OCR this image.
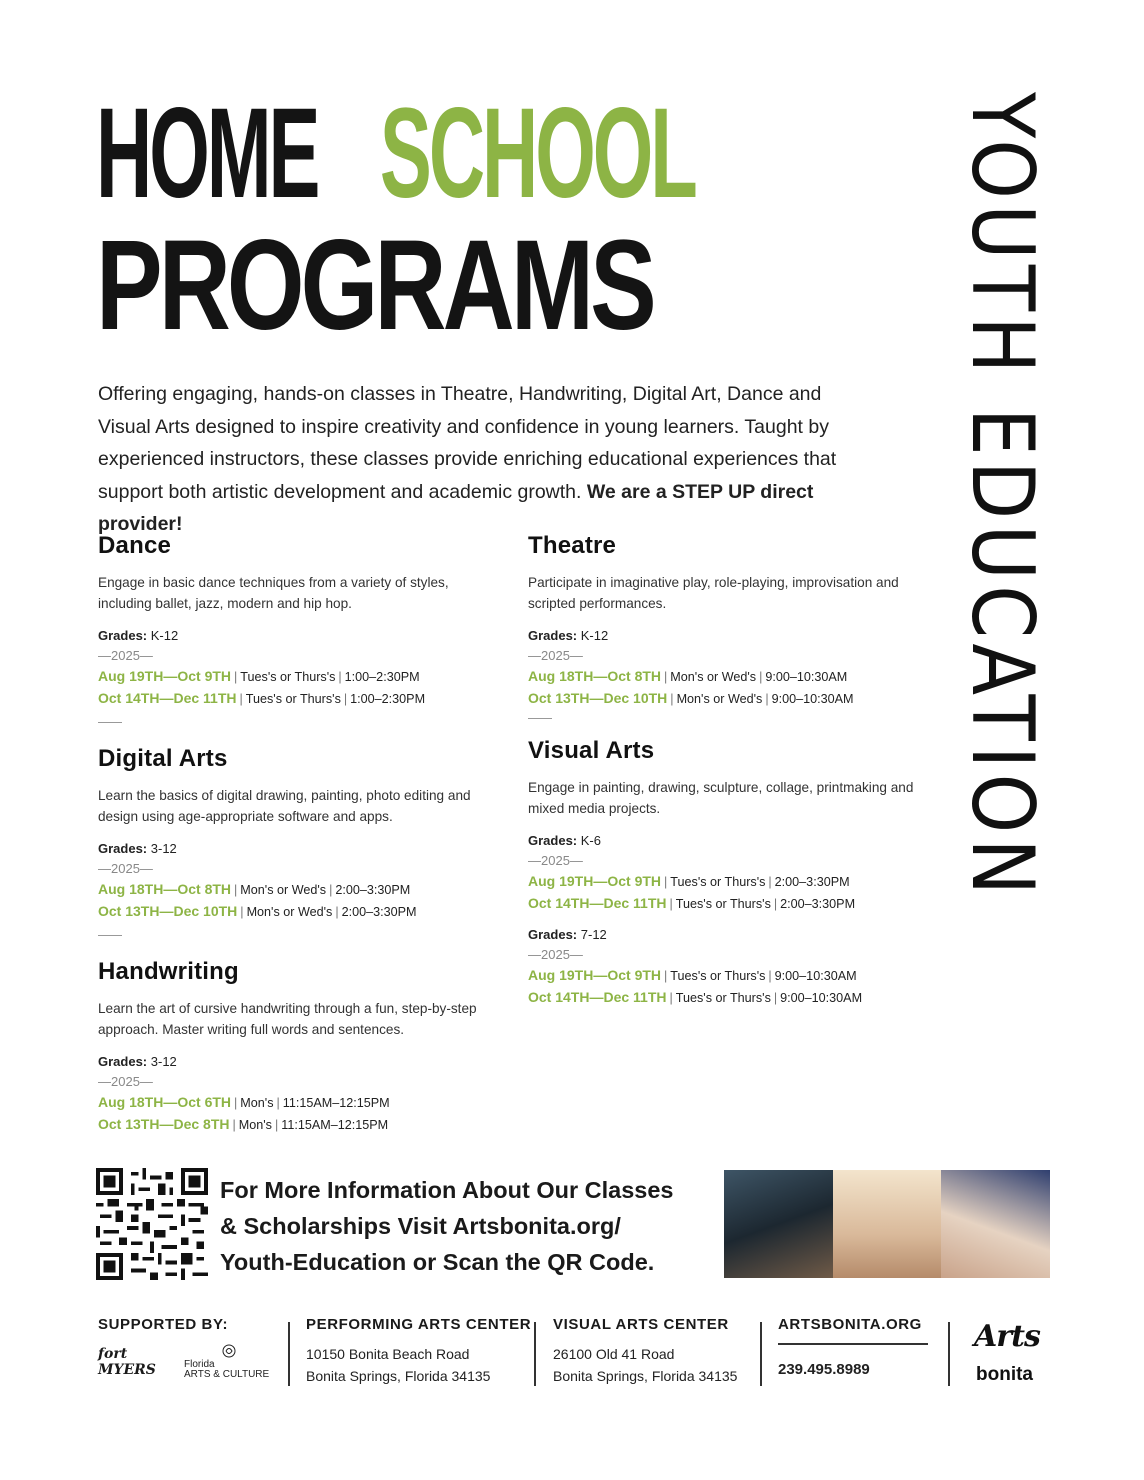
HOME SCHOOL
PROGRAMS	YOUTH EDUCATION

Offering engaging, hands-on classes in Theatre, Handwriting, Digital Art, Dance and Visual Arts designed to inspire creativity and confidence in young learners. Taught by experienced instructors, these classes provide enriching educational experiences that support both artistic development and academic growth. We are a STEP UP direct provider!

Dance
Engage in basic dance techniques from a variety of styles, including ballet, jazz, modern and hip hop.
Grades: K-12
—2025—
Aug 19TH—Oct 9TH | Tues's or Thurs's | 1:00–2:30PM
Oct 14TH—Dec 11TH | Tues's or Thurs's | 1:00–2:30PM
Digital Arts
Learn the basics of digital drawing, painting, photo editing and design using age-appropriate software and apps.
Grades: 3-12
—2025—
Aug 18TH—Oct 8TH | Mon's or Wed's | 2:00–3:30PM
Oct 13TH—Dec 10TH | Mon's or Wed's | 2:00–3:30PM
Handwriting
Learn the art of cursive handwriting through a fun, step-by-step approach. Master writing full words and sentences.
Grades: 3-12
—2025—
Aug 18TH—Oct 6TH | Mon's | 11:15AM–12:15PM
Oct 13TH—Dec 8TH | Mon's | 11:15AM–12:15PM
Theatre
Participate in imaginative play, role-playing, improvisation and scripted performances.
Grades: K-12
—2025—
Aug 18TH—Oct 8TH | Mon's or Wed's | 9:00–10:30AM
Oct 13TH—Dec 10TH | Mon's or Wed's | 9:00–10:30AM
Visual Arts
Engage in painting, drawing, sculpture, collage, printmaking and mixed media projects.
Grades: K-6
—2025—
Aug 19TH—Oct 9TH | Tues's or Thurs's | 2:00–3:30PM
Oct 14TH—Dec 11TH | Tues's or Thurs's | 2:00–3:30PM
Grades: 7-12
—2025—
Aug 19TH—Oct 9TH | Tues's or Thurs's | 9:00–10:30AM
Oct 14TH—Dec 11TH | Tues's or Thurs's | 9:00–10:30AM
For More Information About Our Classes
& Scholarships Visit Artsbonita.org/
Youth-Education or Scan the QR Code.
SUPPORTED BY:
fort MYERS	Florida
ARTS & CULTURE
PERFORMING ARTS CENTER
10150 Bonita Beach Road
Bonita Springs, Florida 34135
VISUAL ARTS CENTER
26100 Old 41 Road
Bonita Springs, Florida 34135
ARTSBONITA.ORG
239.495.8989
Arts
bonita
